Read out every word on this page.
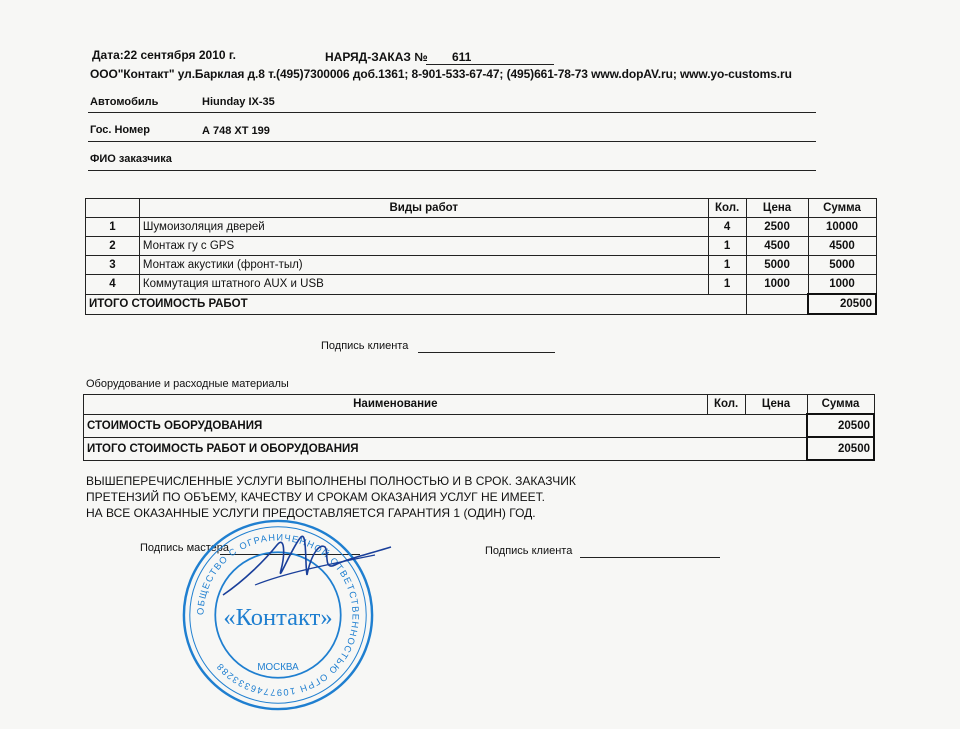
Дата:22 сентября 2010 г.	НАРЯД-ЗАКАЗ № 611
ООО"Контакт" ул.Барклая д.8 т.(495)7300006 доб.1361; 8-901-533-67-47; (495)661-78-73 www.dopAV.ru; www.yo-customs.ru
Автомобиль	Hiunday IX-35
Гос. Номер	А 748 ХТ 199
ФИО заказчика
	Виды работ	Кол.	Цена	Сумма
1	Шумоизоляция дверей	4	2500	10000
2	Монтаж гу с GPS	1	4500	4500
3	Монтаж акустики (фронт-тыл)	1	5000	5000
4	Коммутация штатного AUX и USB	1	1000	1000
ИТОГО СТОИМОСТЬ РАБОТ				20500
Подпись клиента
Оборудование и расходные материалы
Наименование	Кол.	Цена	Сумма
СТОИМОСТЬ ОБОРУДОВАНИЯ			20500
ИТОГО СТОИМОСТЬ РАБОТ И ОБОРУДОВАНИЯ			20500
ВЫШЕПЕРЕЧИСЛЕННЫЕ УСЛУГИ ВЫПОЛНЕНЫ ПОЛНОСТЬЮ И В СРОК. ЗАКАЗЧИК
ПРЕТЕНЗИЙ ПО ОБЪЕМУ, КАЧЕСТВУ И СРОКАМ ОКАЗАНИЯ УСЛУГ НЕ ИМЕЕТ.
НА ВСЕ ОКАЗАННЫЕ УСЛУГИ ПРЕДОСТАВЛЯЕТСЯ ГАРАНТИЯ 1 (ОДИН) ГОД.
Подпись мастера	Подпись клиента
ОБЩЕСТВО С ОГРАНИЧЕННОЙ ОТВЕТСТВЕННОСТЬЮ ОГРН 1097746333288
«Контакт»
МОСКВА
